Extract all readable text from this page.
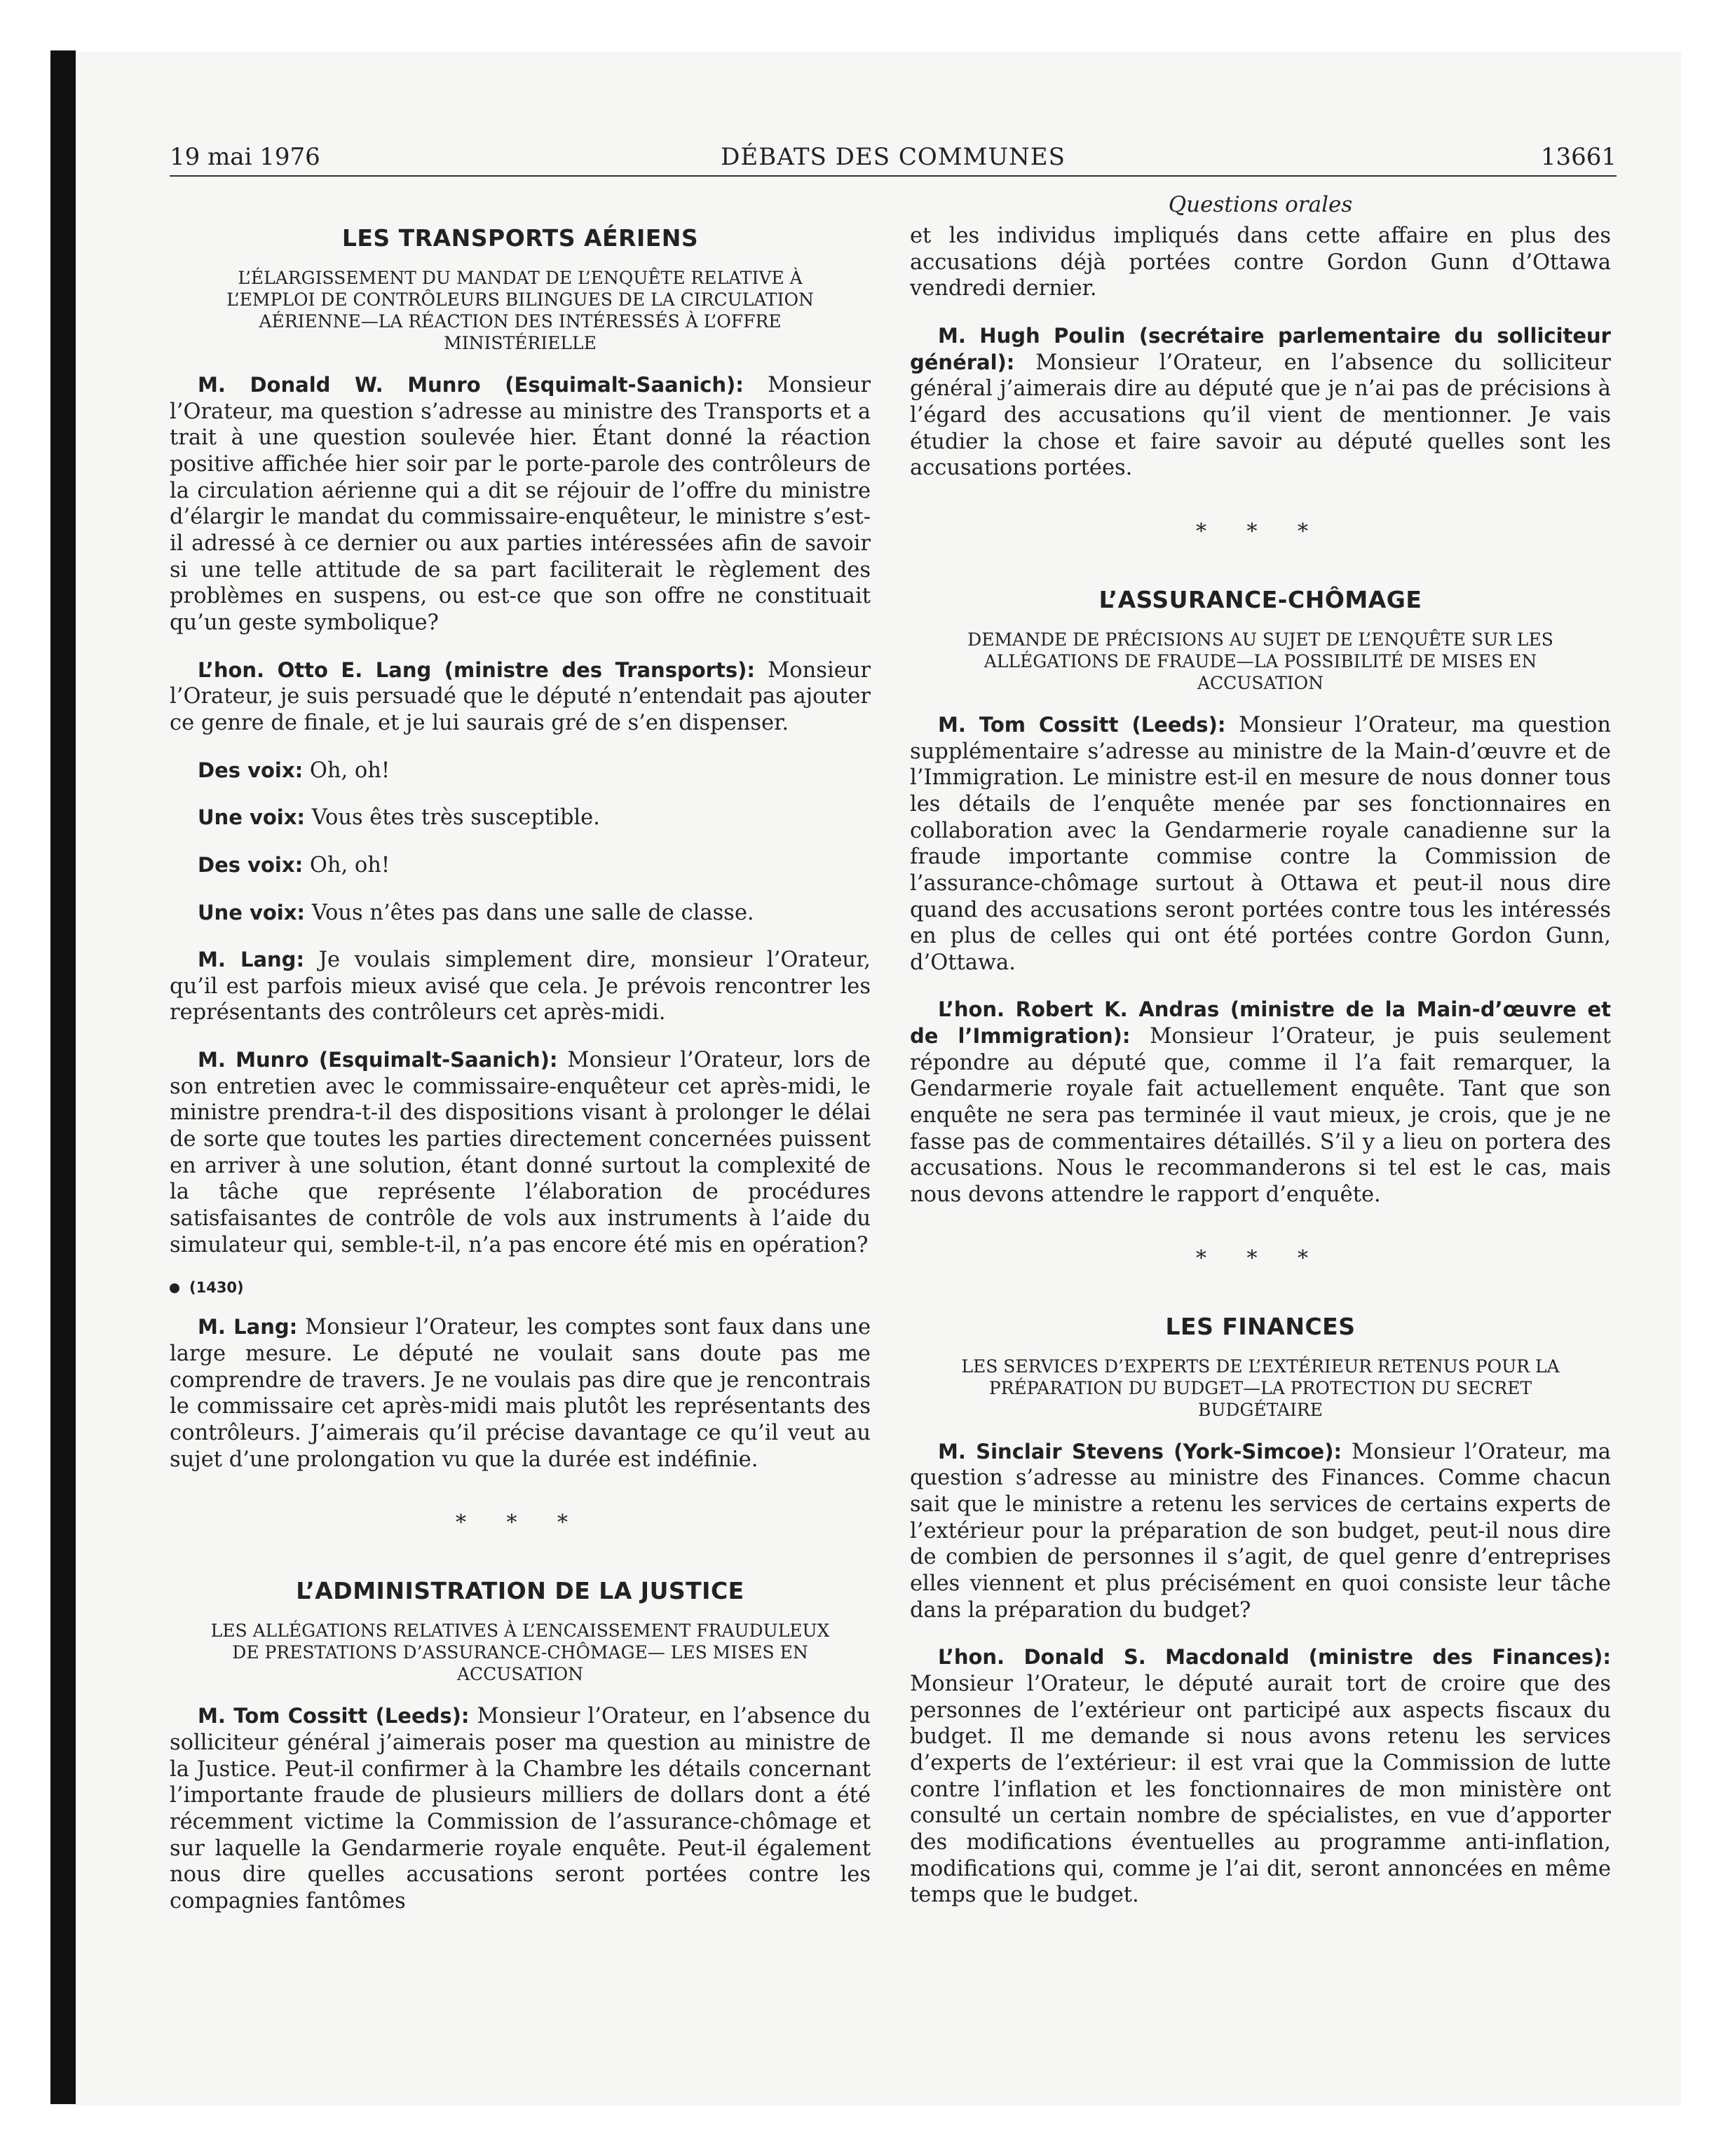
19 mai 1976	DÉBATS DES COMMUNES	13661
LES TRANSPORTS AÉRIENS
L’ÉLARGISSEMENT DU MANDAT DE L’ENQUÊTE RELATIVE À L’EMPLOI DE CONTRÔLEURS BILINGUES DE LA CIRCULATION AÉRIENNE—LA RÉACTION DES INTÉRESSÉS À L’OFFRE MINISTÉRIELLE

M. Donald W. Munro (Esquimalt-Saanich): Monsieur l’Orateur, ma question s’adresse au ministre des Transports et a trait à une question soulevée hier. Étant donné la réaction positive affichée hier soir par le porte-parole des contrôleurs de la circulation aérienne qui a dit se réjouir de l’offre du ministre d’élargir le mandat du commissaire-enquêteur, le ministre s’est-il adressé à ce dernier ou aux parties intéressées afin de savoir si une telle attitude de sa part faciliterait le règlement des problèmes en suspens, ou est-ce que son offre ne constituait qu’un geste symbolique?

L’hon. Otto E. Lang (ministre des Transports): Monsieur l’Orateur, je suis persuadé que le député n’entendait pas ajouter ce genre de finale, et je lui saurais gré de s’en dispenser.

Des voix: Oh, oh!

Une voix: Vous êtes très susceptible.

Des voix: Oh, oh!

Une voix: Vous n’êtes pas dans une salle de classe.

M. Lang: Je voulais simplement dire, monsieur l’Orateur, qu’il est parfois mieux avisé que cela. Je prévois rencontrer les représentants des contrôleurs cet après-midi.

M. Munro (Esquimalt-Saanich): Monsieur l’Orateur, lors de son entretien avec le commissaire-enquêteur cet après-midi, le ministre prendra-t-il des dispositions visant à prolonger le délai de sorte que toutes les parties directement concernées puissent en arriver à une solution, étant donné surtout la complexité de la tâche que représente l’élaboration de procédures satisfaisantes de contrôle de vols aux instruments à l’aide du simulateur qui, semble-t-il, n’a pas encore été mis en opération?

(1430)

M. Lang: Monsieur l’Orateur, les comptes sont faux dans une large mesure. Le député ne voulait sans doute pas me comprendre de travers. Je ne voulais pas dire que je rencontrais le commissaire cet après-midi mais plutôt les représentants des contrôleurs. J’aimerais qu’il précise davantage ce qu’il veut au sujet d’une prolongation vu que la durée est indéfinie.

* * *
L’ADMINISTRATION DE LA JUSTICE
LES ALLÉGATIONS RELATIVES À L’ENCAISSEMENT FRAUDULEUX DE PRESTATIONS D’ASSURANCE-CHÔMAGE— LES MISES EN ACCUSATION

M. Tom Cossitt (Leeds): Monsieur l’Orateur, en l’absence du solliciteur général j’aimerais poser ma question au ministre de la Justice. Peut-il confirmer à la Chambre les détails concernant l’importante fraude de plusieurs milliers de dollars dont a été récemment victime la Commission de l’assurance-chômage et sur laquelle la Gendarmerie royale enquête. Peut-il également nous dire quelles accusations seront portées contre les compagnies fantômes

Questions orales

et les individus impliqués dans cette affaire en plus des accusations déjà portées contre Gordon Gunn d’Ottawa vendredi dernier.

M. Hugh Poulin (secrétaire parlementaire du solliciteur général): Monsieur l’Orateur, en l’absence du solliciteur général j’aimerais dire au député que je n’ai pas de précisions à l’égard des accusations qu’il vient de mentionner. Je vais étudier la chose et faire savoir au député quelles sont les accusations portées.

* * *
L’ASSURANCE-CHÔMAGE
DEMANDE DE PRÉCISIONS AU SUJET DE L’ENQUÊTE SUR LES ALLÉGATIONS DE FRAUDE—LA POSSIBILITÉ DE MISES EN ACCUSATION

M. Tom Cossitt (Leeds): Monsieur l’Orateur, ma question supplémentaire s’adresse au ministre de la Main-d’œuvre et de l’Immigration. Le ministre est-il en mesure de nous donner tous les détails de l’enquête menée par ses fonctionnaires en collaboration avec la Gendarmerie royale canadienne sur la fraude importante commise contre la Commission de l’assurance-chômage surtout à Ottawa et peut-il nous dire quand des accusations seront portées contre tous les intéressés en plus de celles qui ont été portées contre Gordon Gunn, d’Ottawa.

L’hon. Robert K. Andras (ministre de la Main-d’œuvre et de l’Immigration): Monsieur l’Orateur, je puis seulement répondre au député que, comme il l’a fait remarquer, la Gendarmerie royale fait actuellement enquête. Tant que son enquête ne sera pas terminée il vaut mieux, je crois, que je ne fasse pas de commentaires détaillés. S’il y a lieu on portera des accusations. Nous le recommanderons si tel est le cas, mais nous devons attendre le rapport d’enquête.

* * *
LES FINANCES
LES SERVICES D’EXPERTS DE L’EXTÉRIEUR RETENUS POUR LA PRÉPARATION DU BUDGET—LA PROTECTION DU SECRET BUDGÉTAIRE

M. Sinclair Stevens (York-Simcoe): Monsieur l’Orateur, ma question s’adresse au ministre des Finances. Comme chacun sait que le ministre a retenu les services de certains experts de l’extérieur pour la préparation de son budget, peut-il nous dire de combien de personnes il s’agit, de quel genre d’entreprises elles viennent et plus précisément en quoi consiste leur tâche dans la préparation du budget?

L’hon. Donald S. Macdonald (ministre des Finances): Monsieur l’Orateur, le député aurait tort de croire que des personnes de l’extérieur ont participé aux aspects fiscaux du budget. Il me demande si nous avons retenu les services d’experts de l’extérieur: il est vrai que la Commission de lutte contre l’inflation et les fonctionnaires de mon ministère ont consulté un certain nombre de spécialistes, en vue d’apporter des modifications éventuelles au programme anti-inflation, modifications qui, comme je l’ai dit, seront annoncées en même temps que le budget.
